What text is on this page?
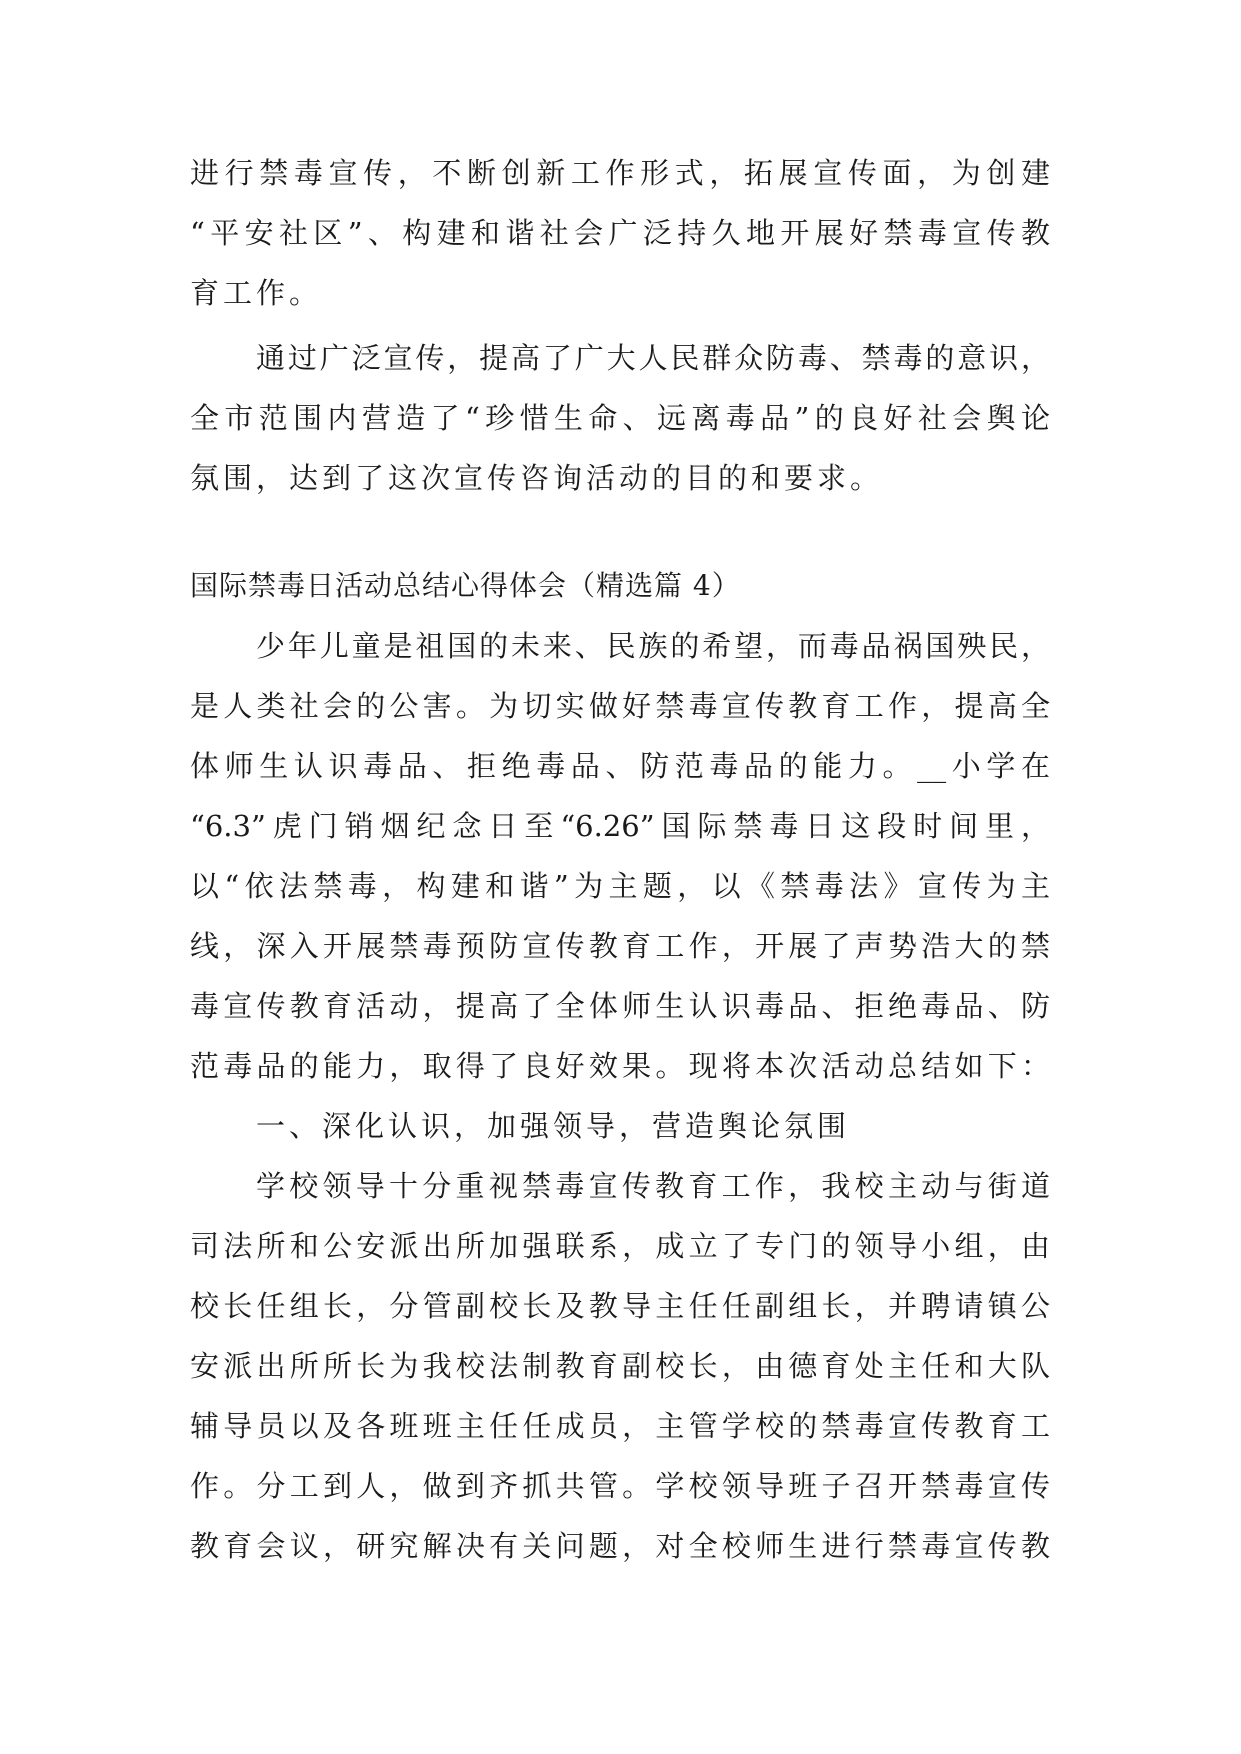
进行禁毒宣传，不断创新工作形式，拓展宣传面，为创建
“平安社区”、构建和谐社会广泛持久地开展好禁毒宣传教
育工作。
通过广泛宣传，提高了广大人民群众防毒、禁毒的意识，
全市范围内营造了“珍惜生命、远离毒品”的良好社会舆论
氛围，达到了这次宣传咨询活动的目的和要求。
国际禁毒日活动总结心得体会（精选篇 4）
少年儿童是祖国的未来、民族的希望，而毒品祸国殃民，
是人类社会的公害。为切实做好禁毒宣传教育工作，提高全
体师生认识毒品、拒绝毒品、防范毒品的能力。__小学在
“6.3”虎门销烟纪念日至“6.26”国际禁毒日这段时间里，
以“依法禁毒，构建和谐”为主题，以《禁毒法》宣传为主
线，深入开展禁毒预防宣传教育工作，开展了声势浩大的禁
毒宣传教育活动，提高了全体师生认识毒品、拒绝毒品、防
范毒品的能力，取得了良好效果。现将本次活动总结如下：
一、深化认识，加强领导，营造舆论氛围
学校领导十分重视禁毒宣传教育工作，我校主动与街道
司法所和公安派出所加强联系，成立了专门的领导小组，由
校长任组长，分管副校长及教导主任任副组长，并聘请镇公
安派出所所长为我校法制教育副校长，由德育处主任和大队
辅导员以及各班班主任任成员，主管学校的禁毒宣传教育工
作。分工到人，做到齐抓共管。学校领导班子召开禁毒宣传
教育会议，研究解决有关问题，对全校师生进行禁毒宣传教
